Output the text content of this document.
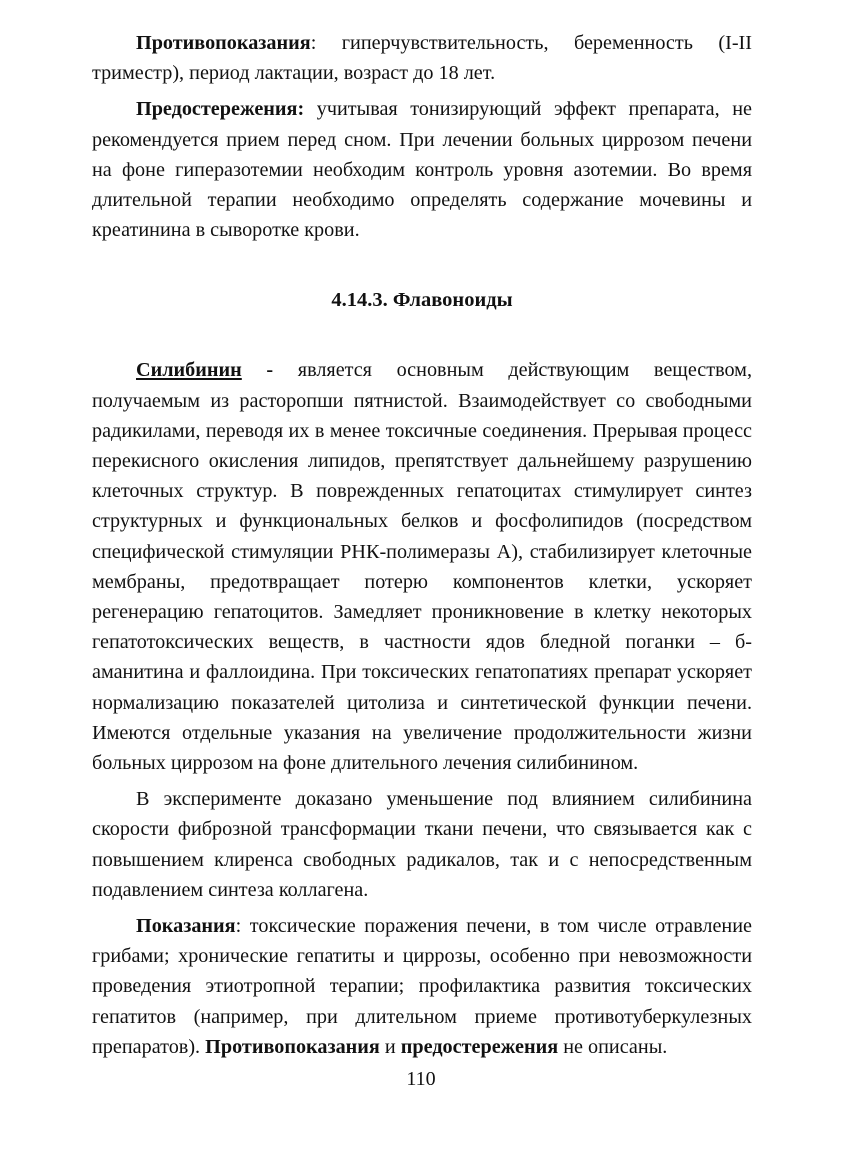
Противопоказания: гиперчувствительность, беременность (I-II триместр), период лактации, возраст до 18 лет.

Предостережения: учитывая тонизирующий эффект препарата, не рекомендуется прием перед сном. При лечении больных циррозом печени на фоне гиперазотемии необходим контроль уровня азотемии. Во время длительной терапии необходимо определять содержание мочевины и креатинина в сыворотке крови.

4.14.3. Флавоноиды

Силибинин - является основным действующим веществом, получаемым из расторопши пятнистой. Взаимодействует со свободными радикилами, переводя их в менее токсичные соединения. Прерывая процесс перекисного окисления липидов, препятствует дальнейшему разрушению клеточных структур. В поврежденных гепатоцитах стимулирует синтез структурных и функциональных белков и фосфолипидов (посредством специфической стимуляции РНК-полимеразы А), стабилизирует клеточные мембраны, предотвращает потерю компонентов клетки, ускоряет регенерацию гепатоцитов. Замедляет проникновение в клетку некоторых гепатотоксических веществ, в частности ядов бледной поганки – б-аманитина и фаллоидина. При токсических гепатопатиях препарат ускоряет нормализацию показателей цитолиза и синтетической функции печени. Имеются отдельные указания на увеличение продолжительности жизни больных циррозом на фоне длительного лечения силибинином.

В эксперименте доказано уменьшение под влиянием силибинина скорости фиброзной трансформации ткани печени, что связывается как с повышением клиренса свободных радикалов, так и с непосредственным подавлением синтеза коллагена.

Показания: токсические поражения печени, в том числе отравление грибами; хронические гепатиты и циррозы, особенно при невозможности проведения этиотропной терапии; профилактика развития токсических гепатитов (например, при длительном приеме противотуберкулезных препаратов). Противопоказания и предостережения не описаны.

110
